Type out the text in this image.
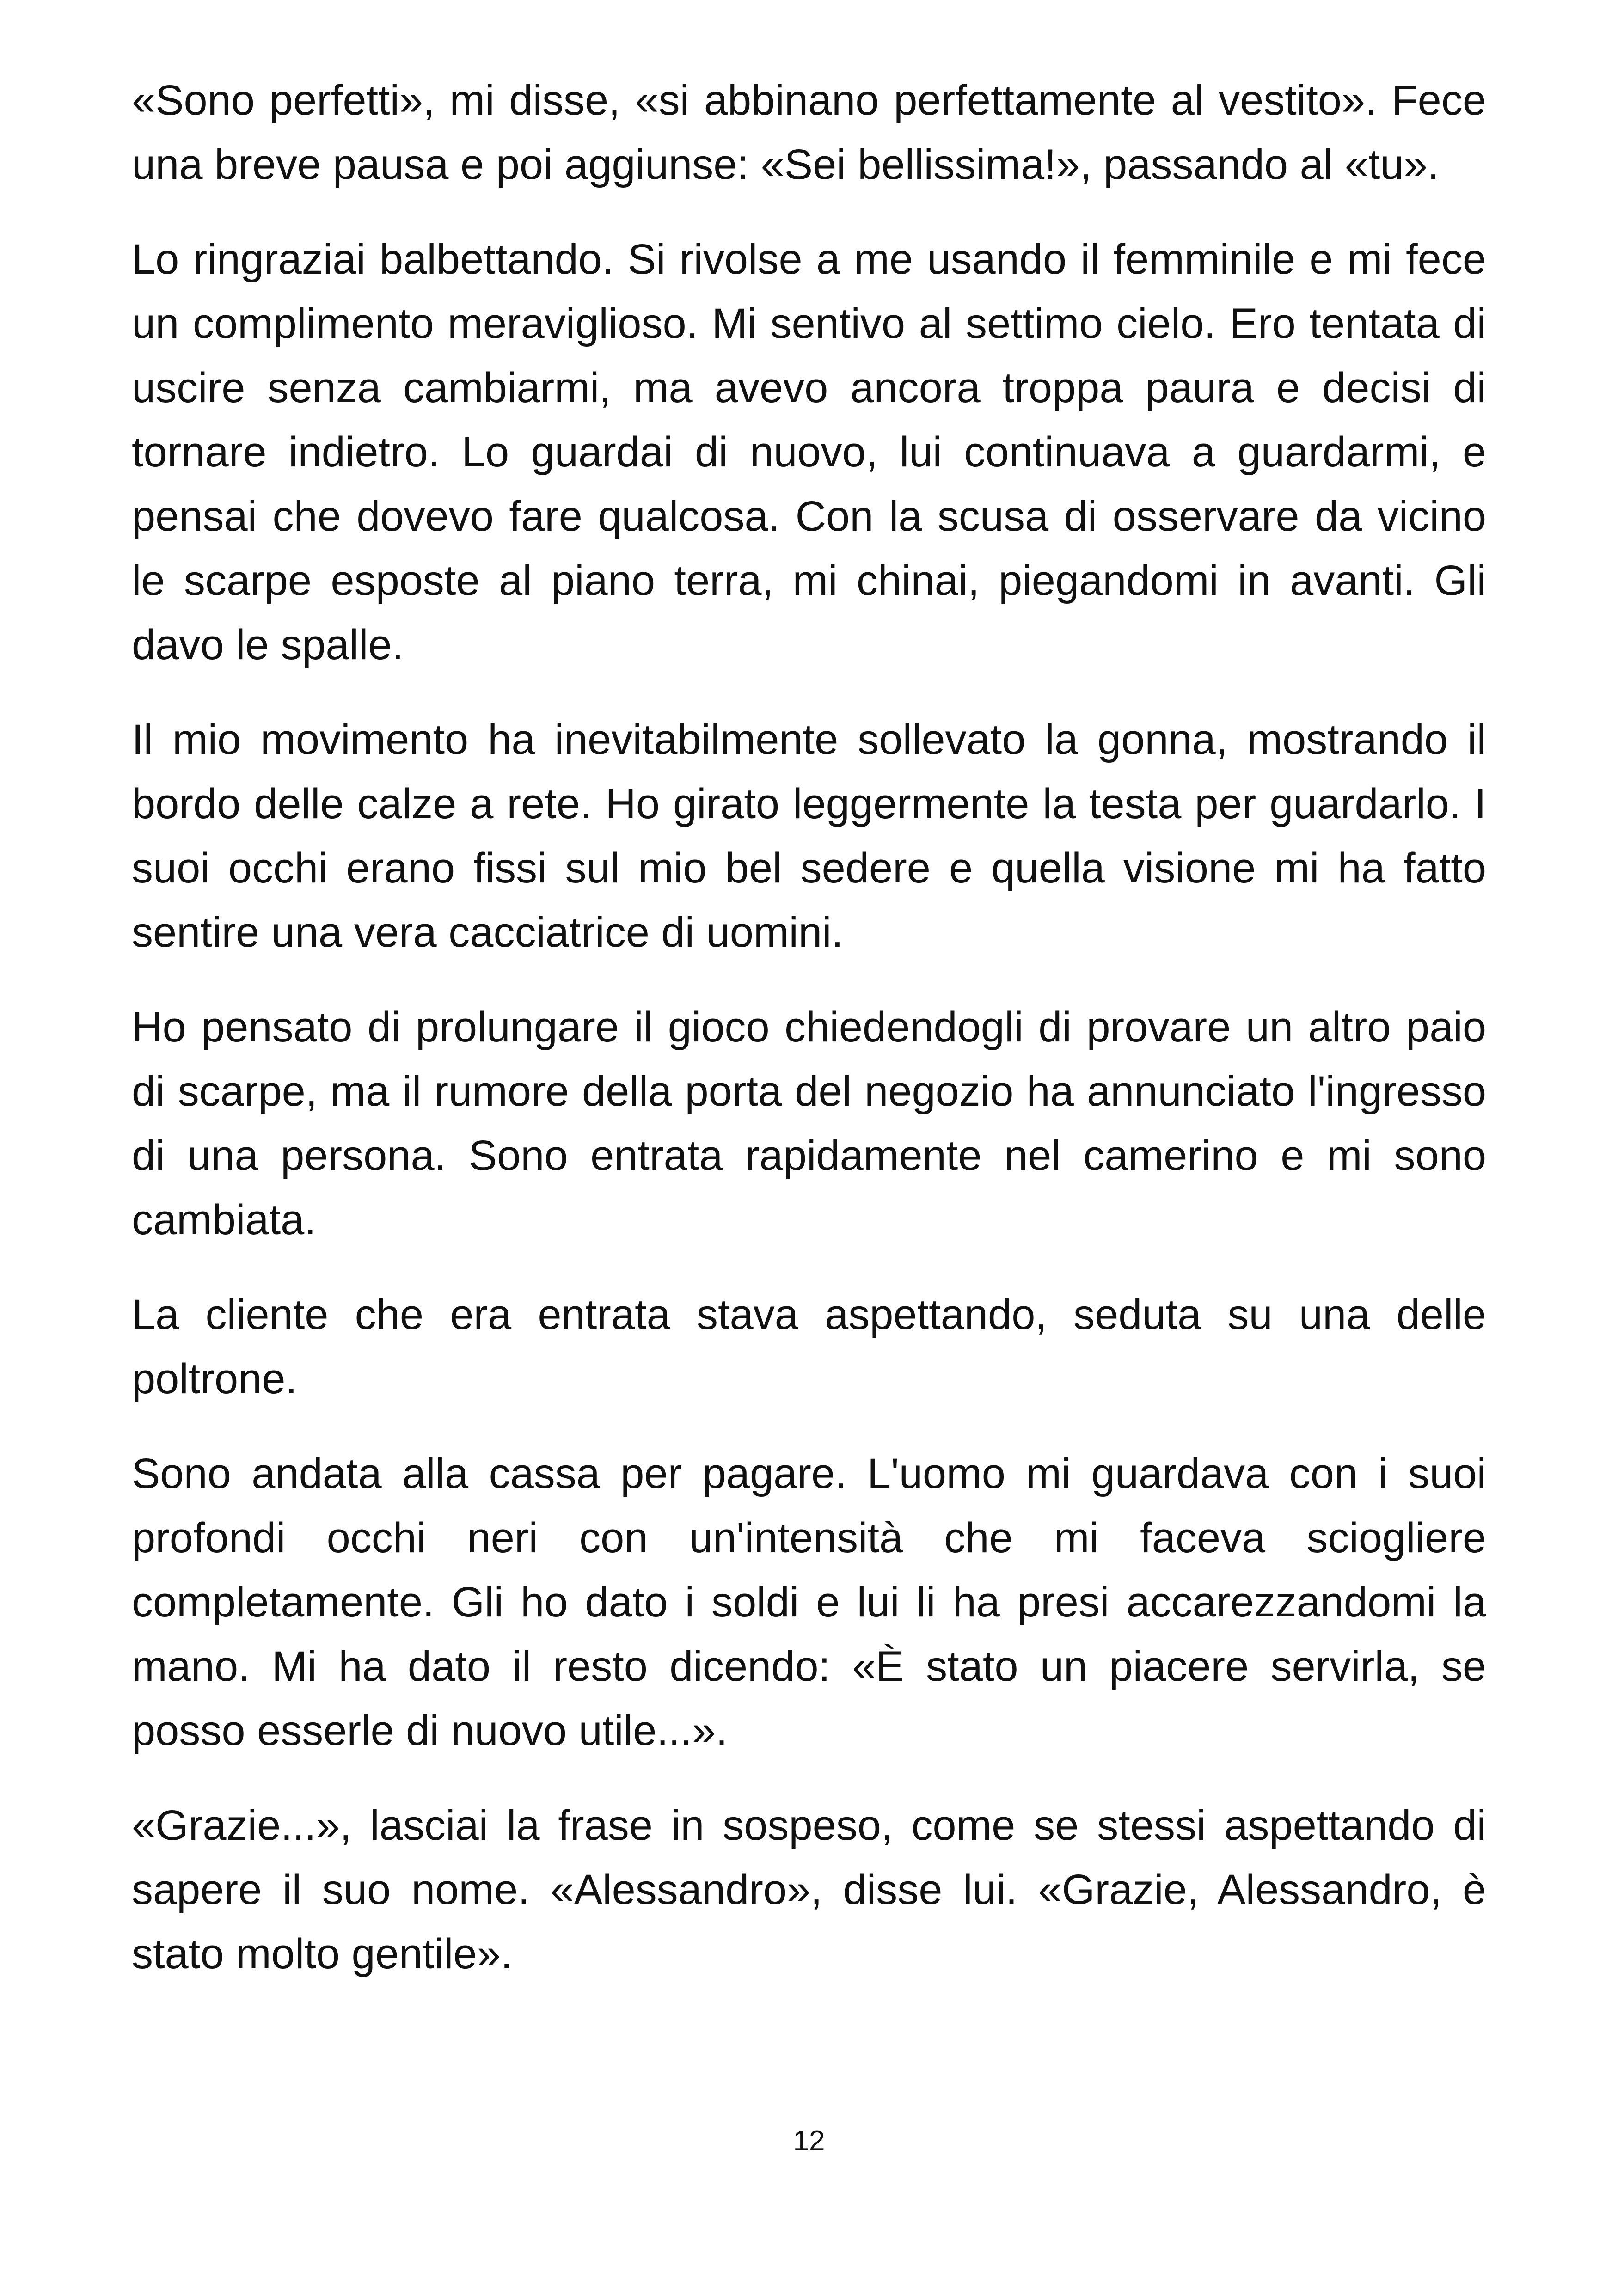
«Sono perfetti», mi disse, «si abbinano perfettamente al vestito». Fece una breve pausa e poi aggiunse: «Sei bellissima!», passando al «tu».

Lo ringraziai balbettando. Si rivolse a me usando il femminile e mi fece un complimento meraviglioso. Mi sentivo al settimo cielo. Ero tentata di uscire senza cambiarmi, ma avevo ancora troppa paura e decisi di tornare indietro. Lo guardai di nuovo, lui continuava a guardarmi, e pensai che dovevo fare qualcosa. Con la scusa di osservare da vicino le scarpe esposte al piano terra, mi chinai, piegandomi in avanti. Gli davo le spalle.

Il mio movimento ha inevitabilmente sollevato la gonna, mostrando il bordo delle calze a rete. Ho girato leggermente la testa per guardarlo. I suoi occhi erano fissi sul mio bel sedere e quella visione mi ha fatto sentire una vera cacciatrice di uomini.

Ho pensato di prolungare il gioco chiedendogli di provare un altro paio di scarpe, ma il rumore della porta del negozio ha annunciato l'ingresso di una persona. Sono entrata rapidamente nel camerino e mi sono cambiata.

La cliente che era entrata stava aspettando, seduta su una delle poltrone.

Sono andata alla cassa per pagare. L'uomo mi guardava con i suoi profondi occhi neri con un'intensità che mi faceva sciogliere completamente. Gli ho dato i soldi e lui li ha presi accarezzandomi la mano. Mi ha dato il resto dicendo: «È stato un piacere servirla, se posso esserle di nuovo utile...».

«Grazie...», lasciai la frase in sospeso, come se stessi aspettando di sapere il suo nome. «Alessandro», disse lui. «Grazie, Alessandro, è stato molto gentile».

12
